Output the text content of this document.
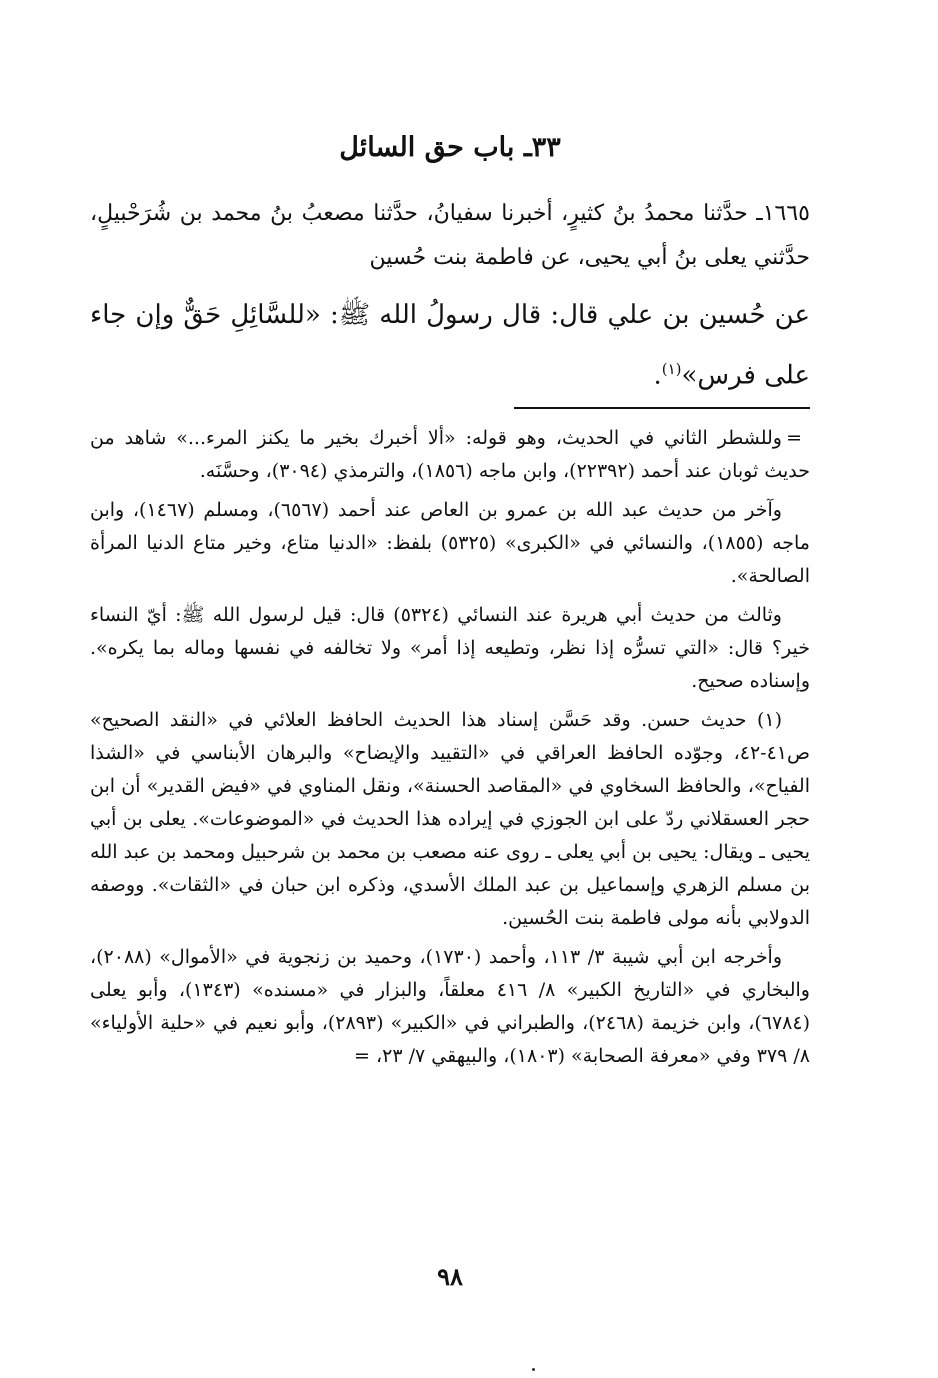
٣٣ـ باب حق السائل

١٦٦٥ـ حدَّثنا محمدُ بنُ كثيرٍ، أخبرنا سفيانُ، حدَّثنا مصعبُ بنُ محمد بن شُرَحْبيلٍ، حدَّثني يعلى بنُ أبي يحيى، عن فاطمة بنت حُسين

عن حُسين بن علي قال: قال رسولُ الله ﷺ: «للسَّائِلِ حَقٌّ وإن جاء على فرس»$^{(١)}$.

=
وللشطر الثاني في الحديث، وهو قوله: «ألا أخبرك بخير ما يكنز المرء...» شاهد من حديث ثوبان عند أحمد (٢٢٣٩٢)، وابن ماجه (١٨٥٦)، والترمذي (٣٠٩٤)، وحسَّنَه.

وآخر من حديث عبد الله بن عمرو بن العاص عند أحمد (٦٥٦٧)، ومسلم (١٤٦٧)، وابن ماجه (١٨٥٥)، والنسائي في «الكبرى» (٥٣٢٥) بلفظ: «الدنيا متاع، وخير متاع الدنيا المرأة الصالحة».

وثالث من حديث أبي هريرة عند النسائي (٥٣٢٤) قال: قيل لرسول الله ﷺ: أيّ النساء خير؟ قال: «التي تسرُّه إذا نظر، وتطيعه إذا أمر» ولا تخالفه في نفسها وماله بما يكره». وإسناده صحيح.

(١) حديث حسن. وقد حَسَّن إسناد هذا الحديث الحافظ العلائي في «النقد الصحيح» ص٤١-٤٢، وجوّده الحافظ العراقي في «التقييد والإيضاح» والبرهان الأبناسي في «الشذا الفياح»، والحافظ السخاوي في «المقاصد الحسنة»، ونقل المناوي في «فيض القدير» أن ابن حجر العسقلاني ردّ على ابن الجوزي في إيراده هذا الحديث في «الموضوعات». يعلى بن أبي يحيى ـ ويقال: يحيى بن أبي يعلى ـ روى عنه مصعب بن محمد بن شرحبيل ومحمد بن عبد الله بن مسلم الزهري وإسماعيل بن عبد الملك الأسدي، وذكره ابن حبان في «الثقات». ووصفه الدولابي بأنه مولى فاطمة بنت الحُسين.

وأخرجه ابن أبي شيبة ٣/ ١١٣، وأحمد (١٧٣٠)، وحميد بن زنجوية في «الأموال» (٢٠٨٨)، والبخاري في «التاريخ الكبير» ٨/ ٤١٦ معلقاً، والبزار في «مسنده» (١٣٤٣)، وأبو يعلى (٦٧٨٤)، وابن خزيمة (٢٤٦٨)، والطبراني في «الكبير» (٢٨٩٣)، وأبو نعيم في «حلية الأولياء» ٨/ ٣٧٩ وفي «معرفة الصحابة» (١٨٠٣)، والبيهقي ٧/ ٢٣، =

٩٨
